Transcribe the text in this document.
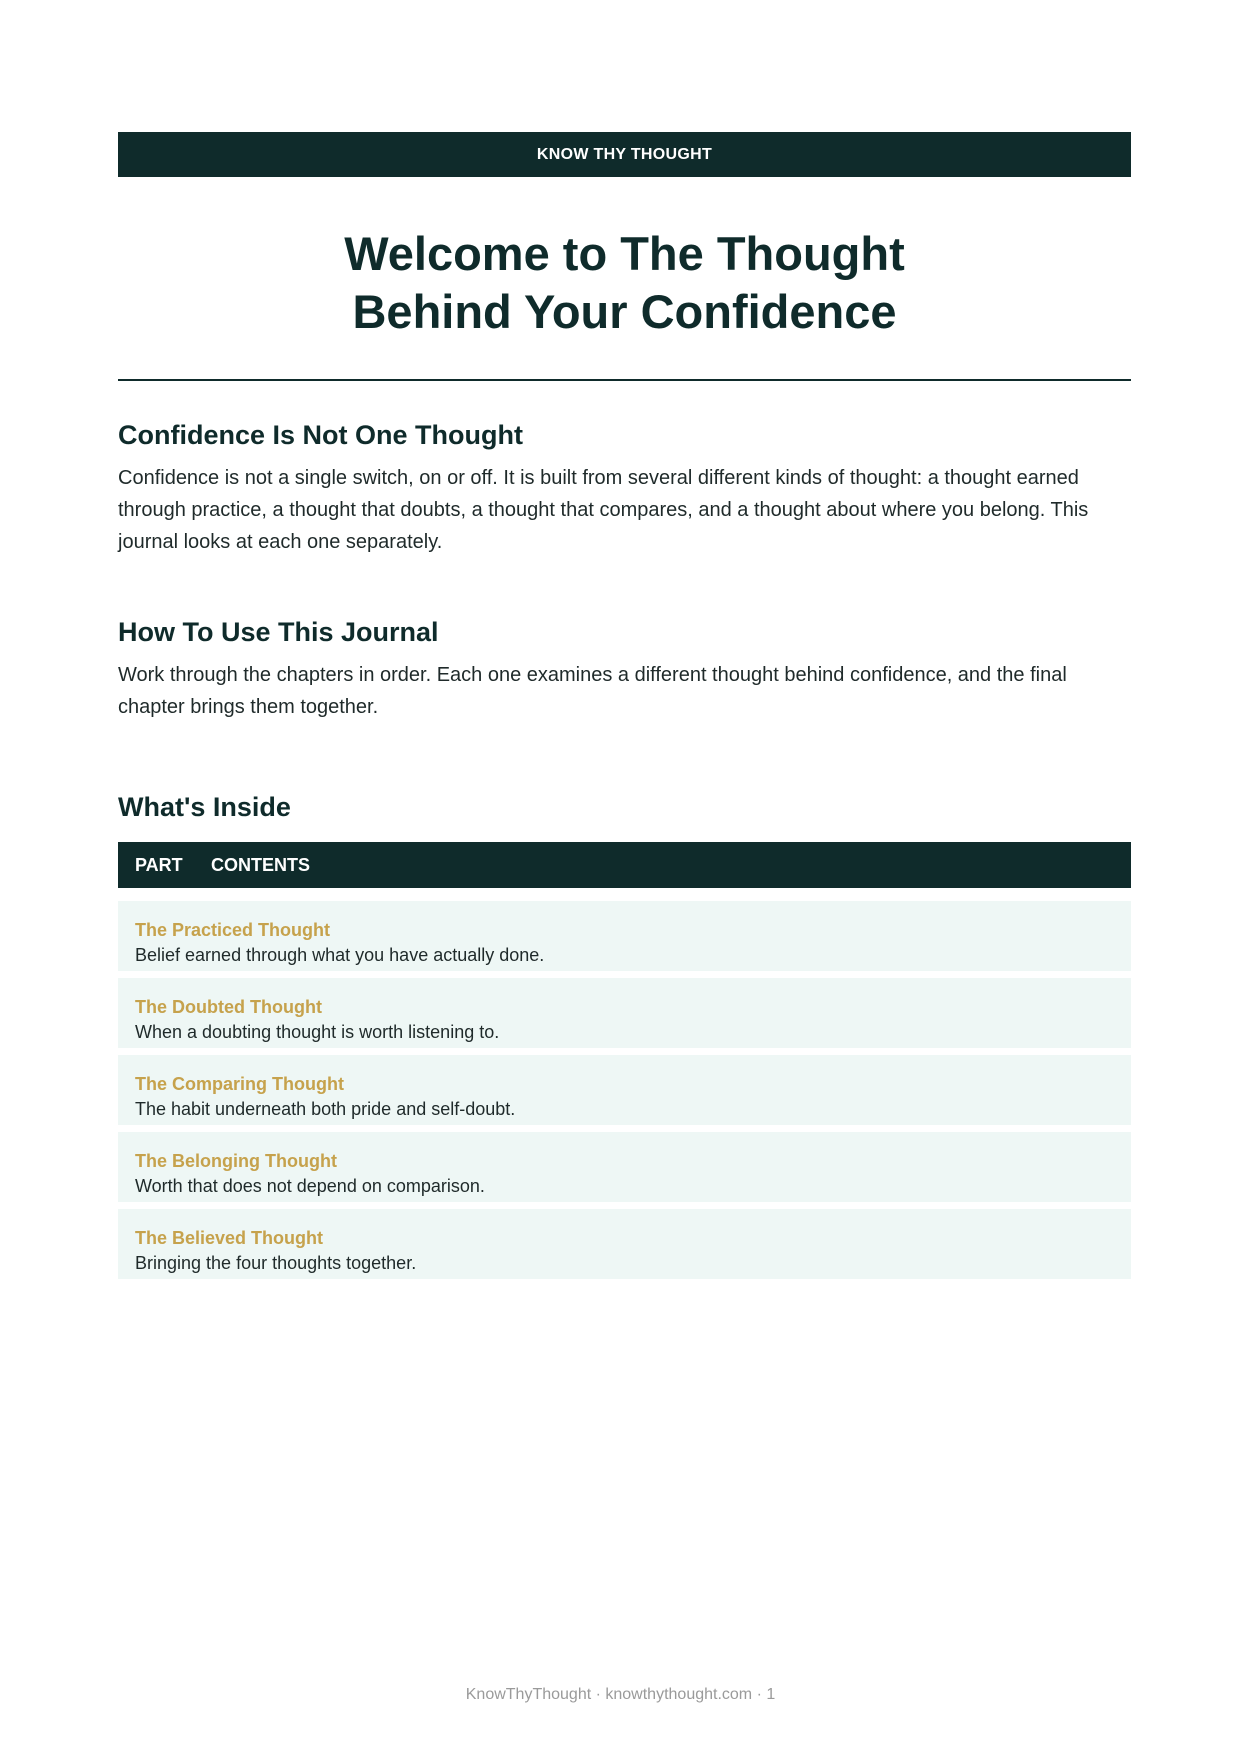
KNOW THY THOUGHT
Welcome to The Thought
Behind Your Confidence
Confidence Is Not One Thought

Confidence is not a single switch, on or off. It is built from several different kinds of thought: a thought earned through practice, a thought that doubts, a thought that compares, and a thought about where you belong. This journal looks at each one separately.

How To Use This Journal

Work through the chapters in order. Each one examines a different thought behind confidence, and the final chapter brings them together.

What's Inside
PART	CONTENTS
The Practiced Thought
Belief earned through what you have actually done.
The Doubted Thought
When a doubting thought is worth listening to.
The Comparing Thought
The habit underneath both pride and self-doubt.
The Belonging Thought
Worth that does not depend on comparison.
The Believed Thought
Bringing the four thoughts together.
KnowThyThought · knowthythought.com · 1
